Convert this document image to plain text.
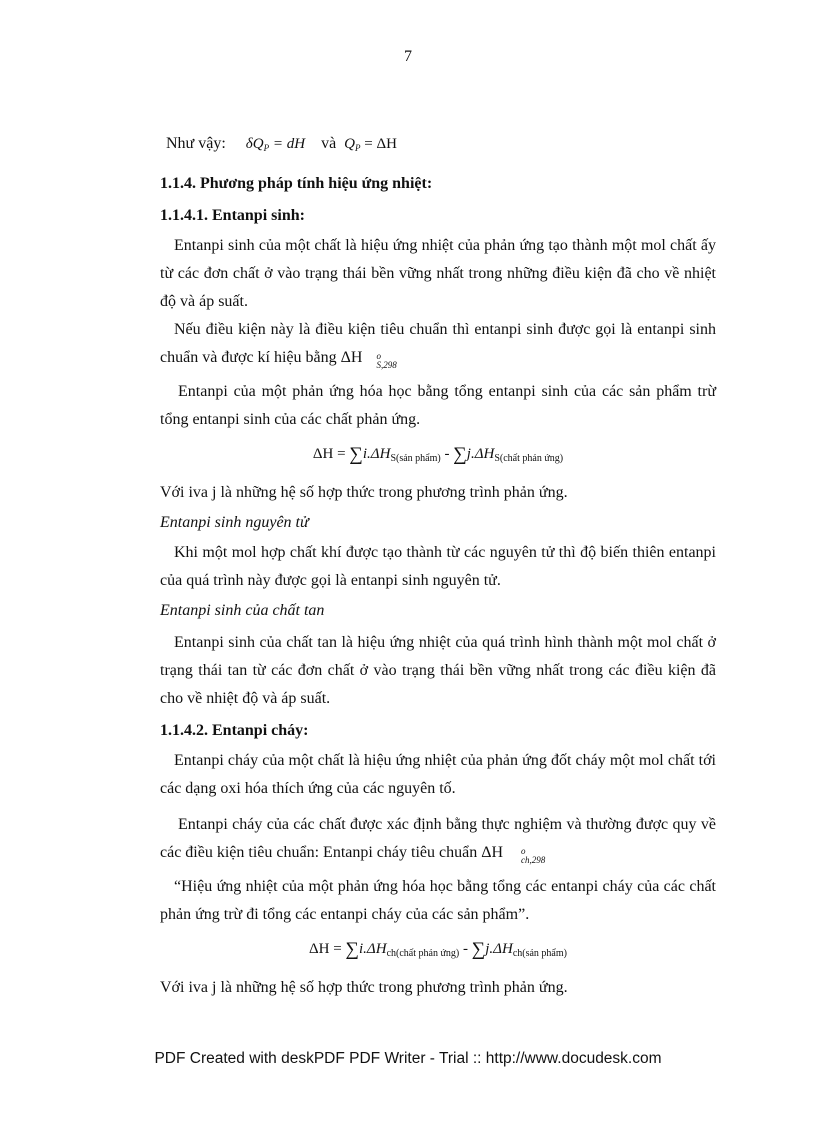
7

Như vậy: $\delta Q_P$ = dH và $Q_P = \Delta H$

1.1.4. Phương pháp tính hiệu ứng nhiệt:

1.1.4.1. Entanpi sinh:

Entanpi sinh của một chất là hiệu ứng nhiệt của phản ứng tạo thành một mol chất ấy từ các đơn chất ở vào trạng thái bền vững nhất trong những điều kiện đã cho về nhiệt độ và áp suất.

Nếu điều kiện này là điều kiện tiêu chuẩn thì entanpi sinh được gọi là entanpi sinh chuẩn và được kí hiệu bằng ΔH	o
S,298

Entanpi của một phản ứng hóa học bằng tổng entanpi sinh của các sản phẩm trừ tổng entanpi sinh của các chất phản ứng.

$\Delta H = \sum i.\Delta H_{S(sản phẩm)} - \sum j.\Delta H_{S(chất phản ứng)}$

Với iva j là những hệ số hợp thức trong phương trình phản ứng.

Entanpi sinh nguyên tử

Khi một mol hợp chất khí được tạo thành từ các nguyên tử thì độ biến thiên entanpi của quá trình này được gọi là entanpi sinh nguyên tử.

Entanpi sinh của chất tan

Entanpi sinh của chất tan là hiệu ứng nhiệt của quá trình hình thành một mol chất ở trạng thái tan từ các đơn chất ở vào trạng thái bền vững nhất trong các điều kiện đã cho về nhiệt độ và áp suất.

1.1.4.2. Entanpi cháy:

Entanpi cháy của một chất là hiệu ứng nhiệt của phản ứng đốt cháy một mol chất tới các dạng oxi hóa thích ứng của các nguyên tố.

Entanpi cháy của các chất được xác định bằng thực nghiệm và thường được quy về các điều kiện tiêu chuẩn: Entanpi cháy tiêu chuẩn ΔH	o
ch,298

“Hiệu ứng nhiệt của một phản ứng hóa học bằng tổng các entanpi cháy của các chất phản ứng trừ đi tổng các entanpi cháy của các sản phẩm”.

$\Delta H = \sum i.\Delta H_{ch(chất phản ứng)} - \sum j.\Delta H_{ch(sản phẩm)}$

Với iva j là những hệ số hợp thức trong phương trình phản ứng.

PDF Created with deskPDF PDF Writer - Trial :: http://www.docudesk.com
